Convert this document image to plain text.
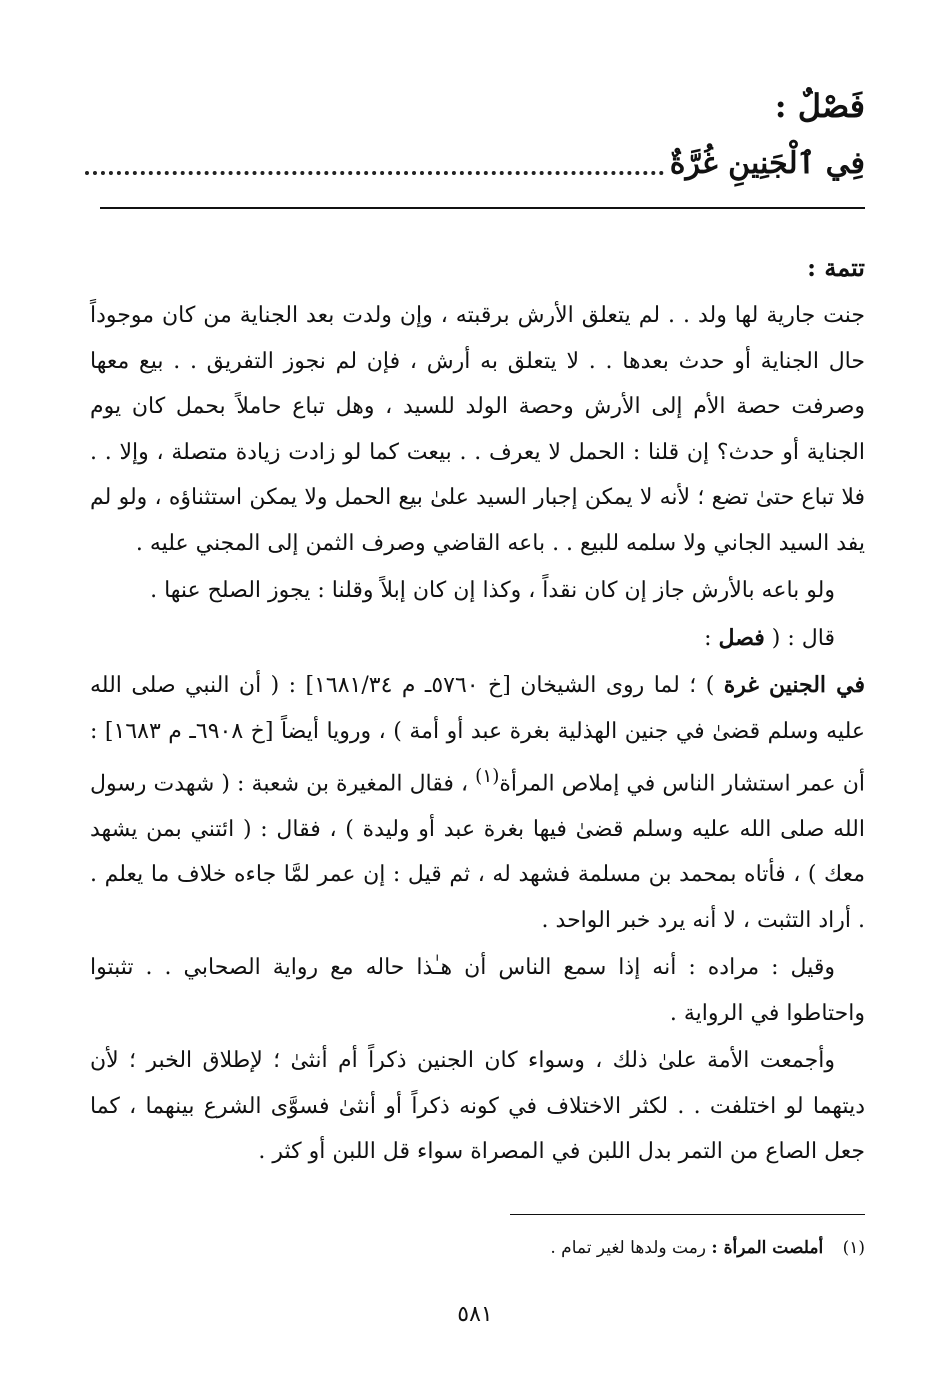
فَصْلٌ :
فِي ٱلْجَنِينِ غُرَّةٌ
تتمة :

جنت جارية لها ولد . . لم يتعلق الأرش برقبته ، وإن ولدت بعد الجناية من كان موجوداً حال الجناية أو حدث بعدها . . لا يتعلق به أرش ، فإن لم نجوز التفريق . . بيع معها وصرفت حصة الأم إلى الأرش وحصة الولد للسيد ، وهل تباع حاملاً بحمل كان يوم الجناية أو حدث؟ إن قلنا : الحمل لا يعرف . . بيعت كما لو زادت زيادة متصلة ، وإلا . . فلا تباع حتىٰ تضع ؛ لأنه لا يمكن إجبار السيد علىٰ بيع الحمل ولا يمكن استثناؤه ، ولو لم يفد السيد الجاني ولا سلمه للبيع . . باعه القاضي وصرف الثمن إلى المجني عليه .

ولو باعه بالأرش جاز إن كان نقداً ، وكذا إن كان إبلاً وقلنا : يجوز الصلح عنها .

قال : ( فصل :

في الجنين غرة ) ؛ لما روى الشيخان [خ ٥٧٦٠ـ م ١٦٨١/٣٤] : ( أن النبي صلى الله عليه وسلم قضىٰ في جنين الهذلية بغرة عبد أو أمة ) ، ورويا أيضاً [خ ٦٩٠٨ـ م ١٦٨٣] : أن عمر استشار الناس في إملاص المرأة$^{(١)}$ ، فقال المغيرة بن شعبة : ( شهدت رسول الله صلى الله عليه وسلم قضىٰ فيها بغرة عبد أو وليدة ) ، فقال : ( ائتني بمن يشهد معك ) ، فأتاه بمحمد بن مسلمة فشهد له ، ثم قيل : إن عمر لمَّا جاءه خلاف ما يعلم . . أراد التثبت ، لا أنه يرد خبر الواحد .

وقيل : مراده : أنه إذا سمع الناس أن هـٰذا حاله مع رواية الصحابي . . تثبتوا واحتاطوا في الرواية .

وأجمعت الأمة علىٰ ذلك ، وسواء كان الجنين ذكراً أم أنثىٰ ؛ لإطلاق الخبر ؛ لأن ديتهما لو اختلفت . . لكثر الاختلاف في كونه ذكراً أو أنثىٰ فسوَّى الشرع بينهما ، كما جعل الصاع من التمر بدل اللبن في المصراة سواء قل اللبن أو كثر .

(١) أملصت المرأة : رمت ولدها لغير تمام .
٥٨١
